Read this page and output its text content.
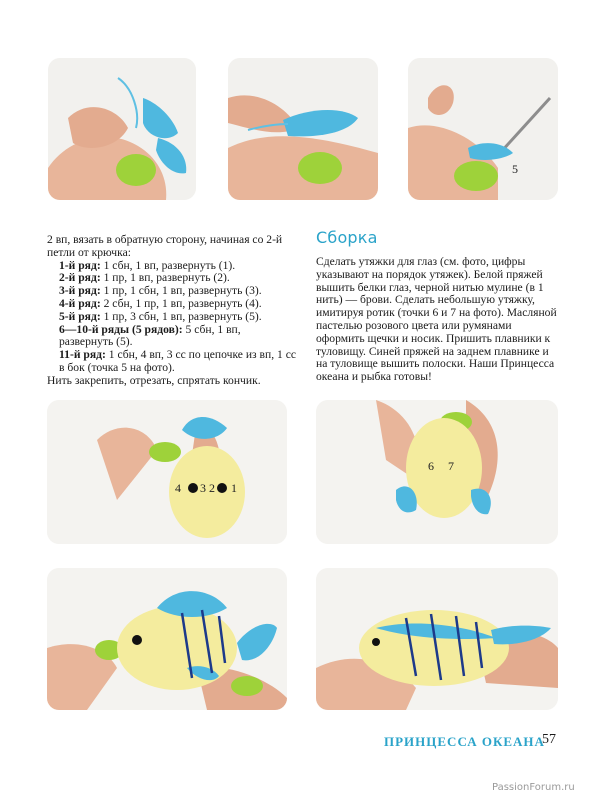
5

2 вп, вязать в обратную сторону, начиная со 2-й петли от крючка:

1-й ряд: 1 сбн, 1 вп, развернуть (1).

2-й ряд: 1 пр, 1 вп, развернуть (2).

3-й ряд: 1 пр, 1 сбн, 1 вп, развернуть (3).

4-й ряд: 2 сбн, 1 пр, 1 вп, развернуть (4).

5-й ряд: 1 пр, 3 сбн, 1 вп, развернуть (5).

6—10-й ряды (5 рядов): 5 сбн, 1 вп, развернуть (5).

11-й ряд: 1 сбн, 4 вп, 3 сс по цепочке из вп, 1 сс в бок (точка 5 на фото).

Нить закрепить, отрезать, спрятать кончик.

Сборка

Сделать утяжки для глаз (см. фото, цифры указывают на порядок утяжек). Белой пряжей вышить белки глаз, черной нитью мулине (в 1 нить) — брови. Сделать небольшую утяжку, имитируя ротик (точки 6 и 7 на фото). Масляной пастелью розового цвета или румянами оформить щечки и носик. Пришить плавники к туловищу. Синей пряжей на заднем плавнике и на туловище вышить полоски. Наши Принцесса океана и рыбка готовы!

4 3 2 1
6 7
ПРИНЦЕССА ОКЕАНА
57
PassionForum.ru
